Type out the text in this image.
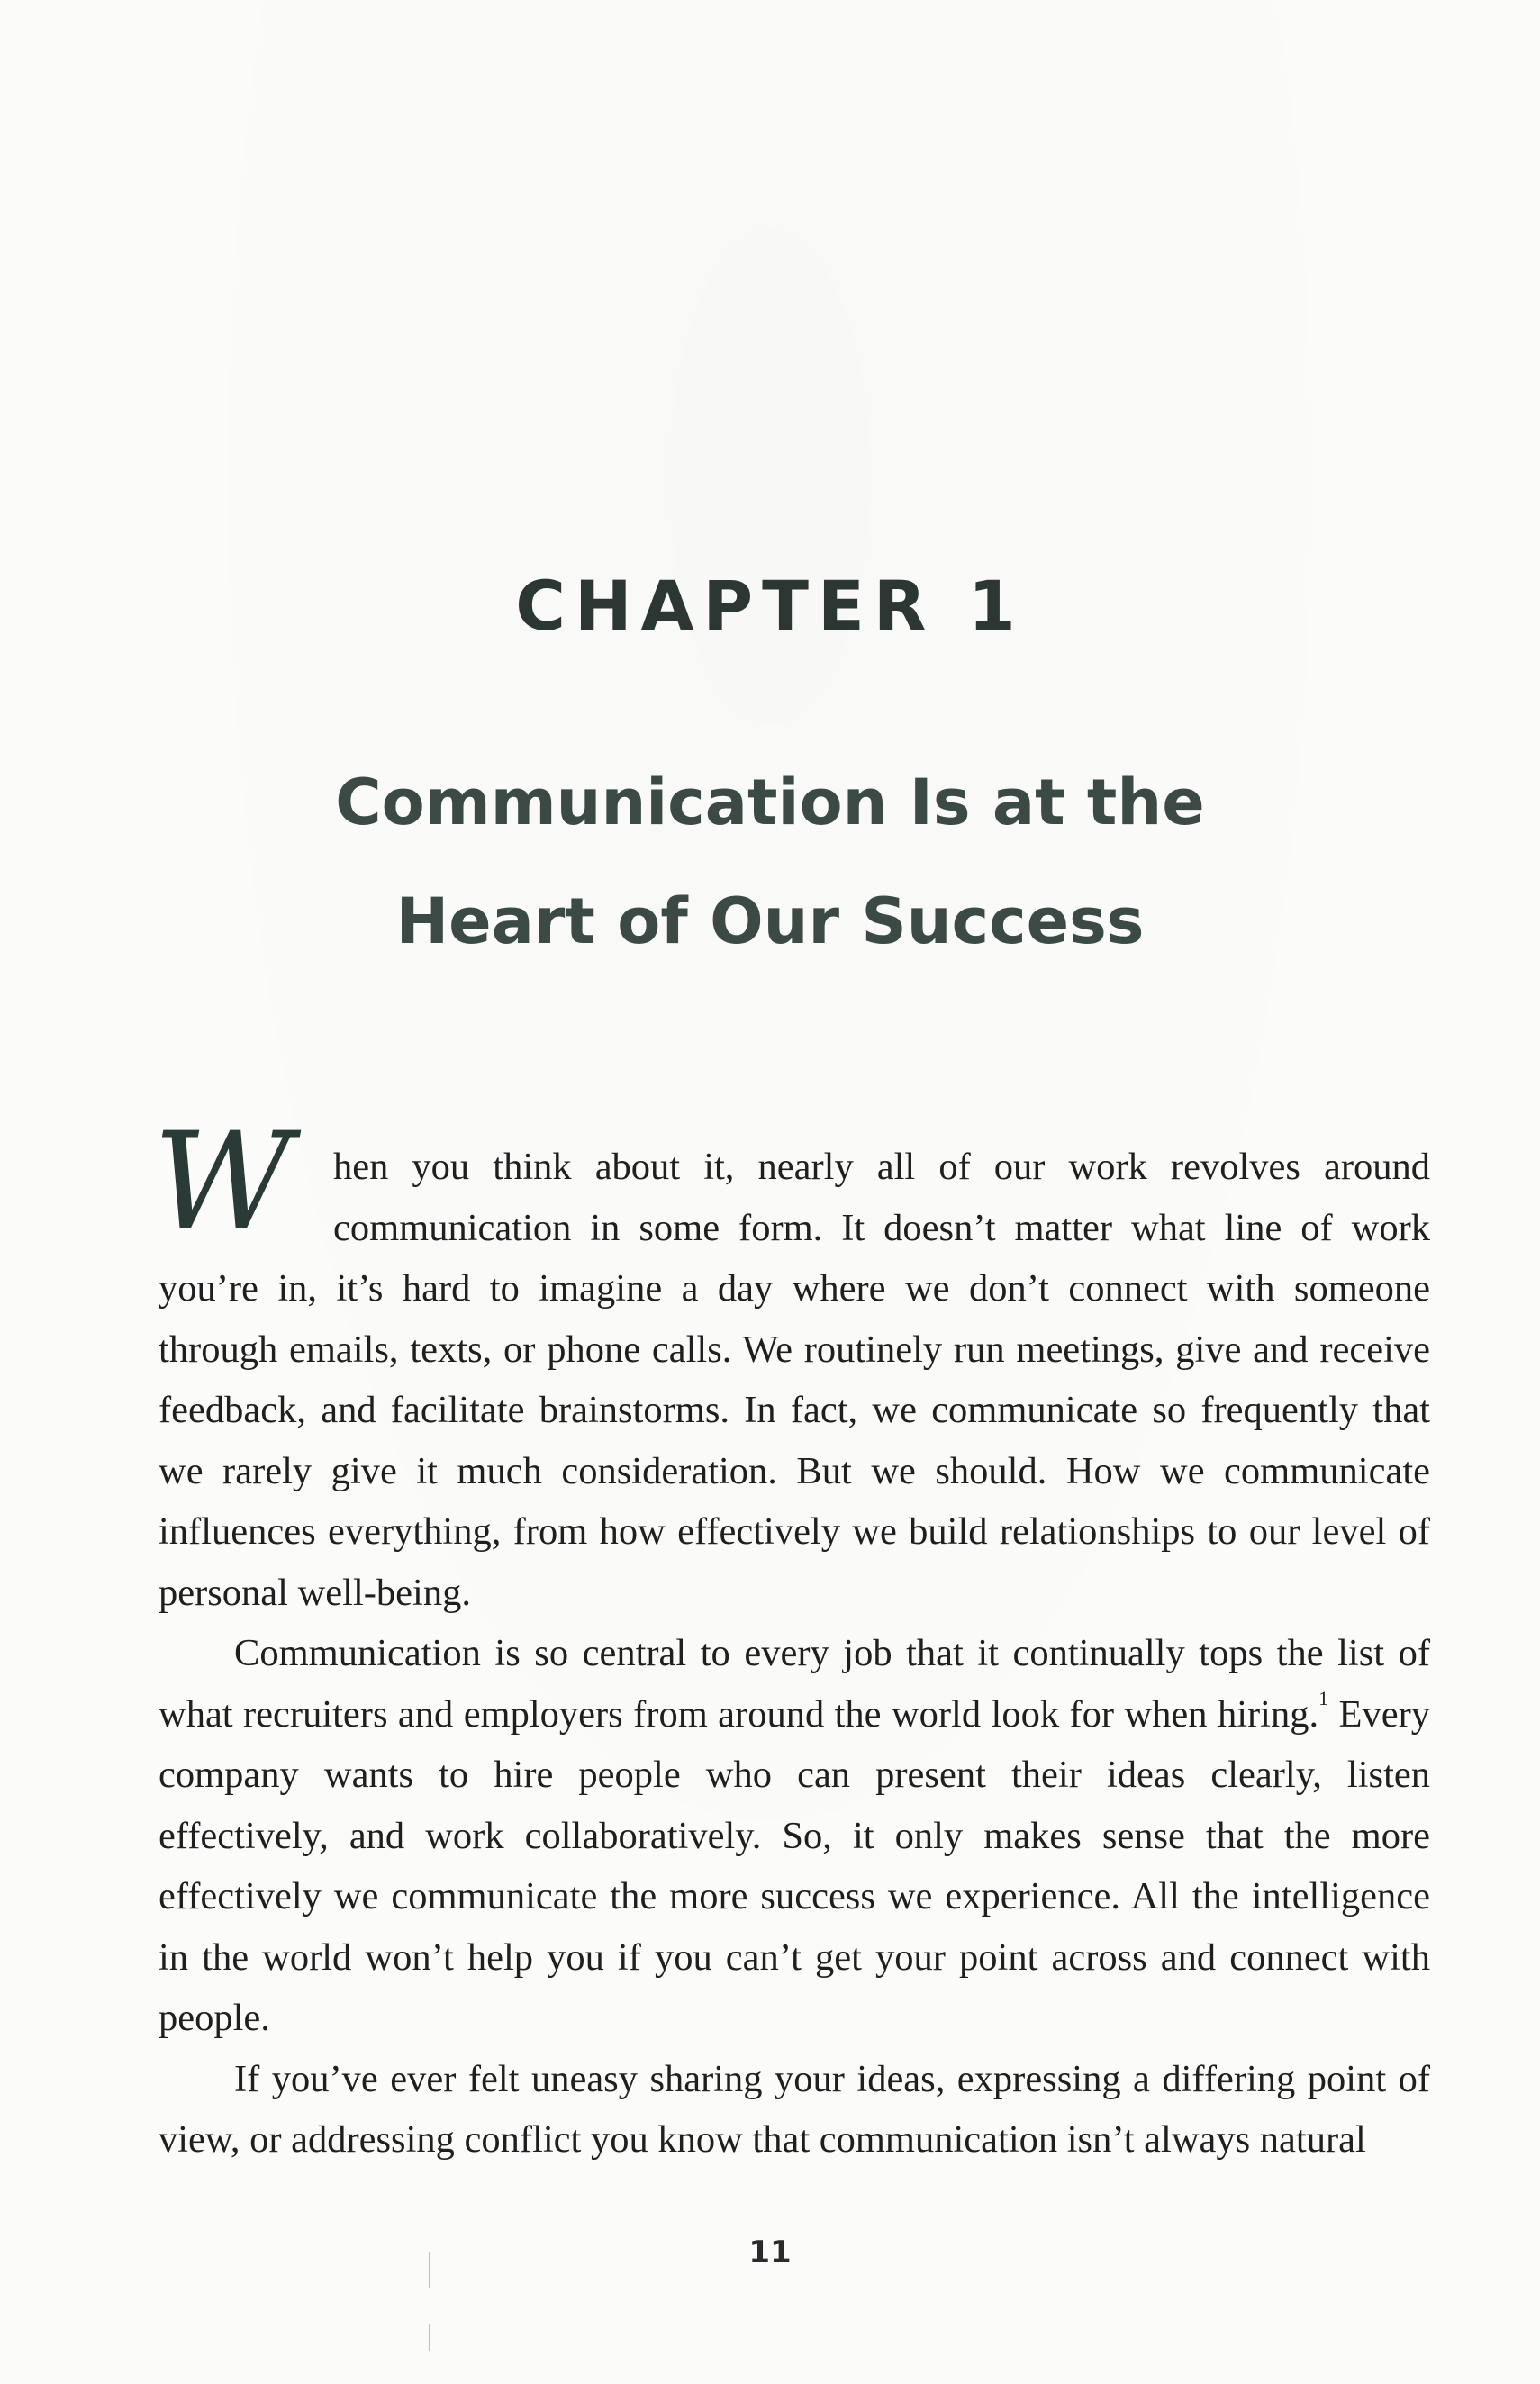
CHAPTER 1
Communication Is at the
Heart of Our Success

W	hen you think about it, nearly all of our work revolves around communication in some form. It doesn’t matter what line of work you’re in, it’s hard to imagine a day where we don’t connect with someone through emails, texts, or phone calls. We routinely run meetings, give and receive feedback, and facilitate brainstorms. In fact, we communicate so frequently that we rarely give it much consideration. But we should. How we communicate influences everything, from how effectively we build relationships to our level of personal well-being.

Communication is so central to every job that it continually tops the list of what recruiters and employers from around the world look for when hiring.$^1$ Every company wants to hire people who can present their ideas clearly, listen effectively, and work collaboratively. So, it only makes sense that the more effectively we communicate the more success we experience. All the intelligence in the world won’t help you if you can’t get your point across and connect with people.

If you’ve ever felt uneasy sharing your ideas, expressing a differing point of view, or addressing conflict you know that communication isn’t always natural

11
